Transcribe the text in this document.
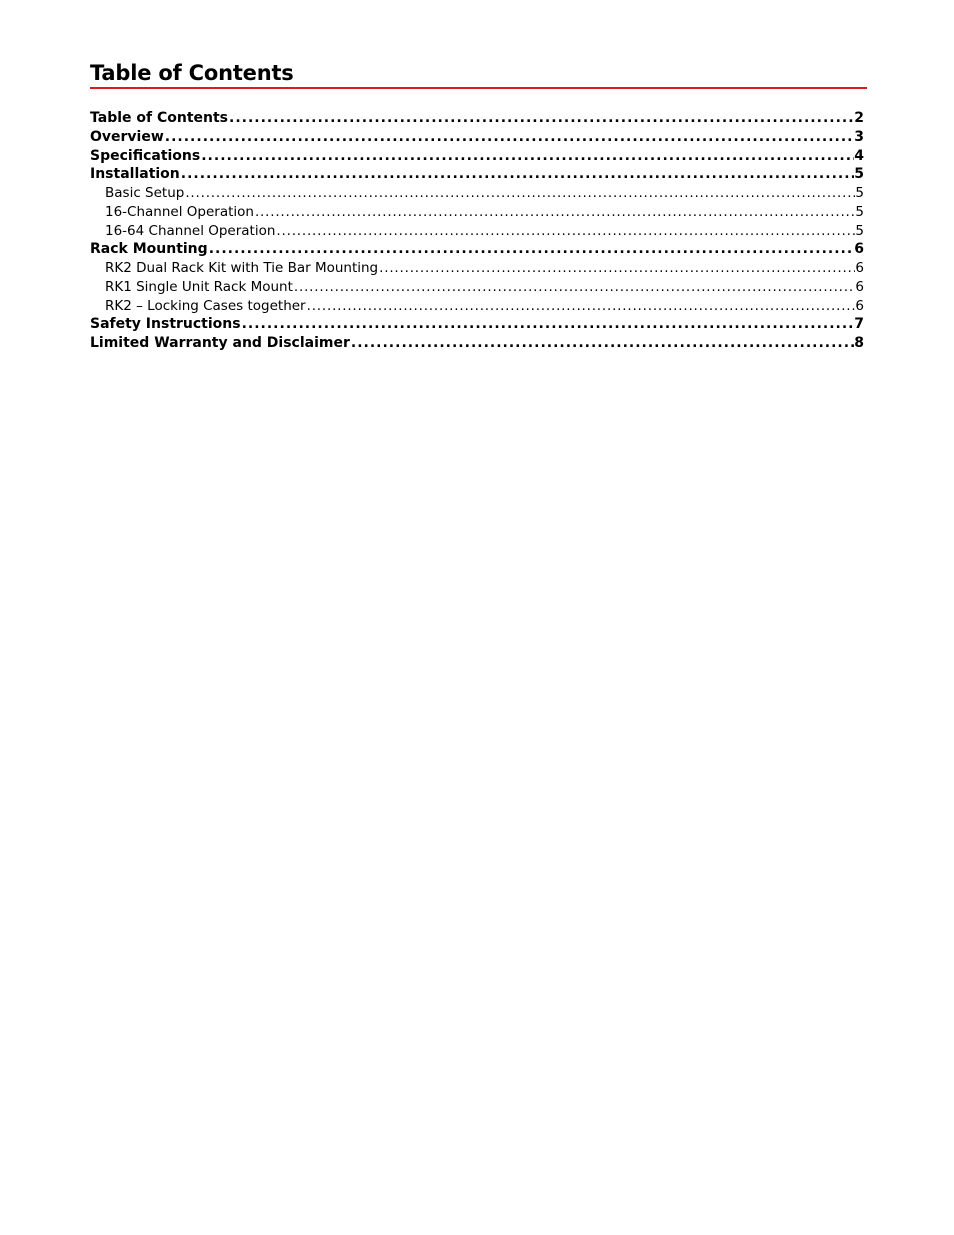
Table of Contents
Table of Contents .....	2
Overview .....	3
Specifications .....	4
Installation .....	5
Basic Setup .....	5
16-Channel Operation .....	5
16-64 Channel Operation .....	5
Rack Mounting .....	6
RK2 Dual Rack Kit with Tie Bar Mounting .....	6
RK1 Single Unit Rack Mount .....	6
RK2 – Locking Cases together .....	6
Safety Instructions .....	7
Limited Warranty and Disclaimer .....	8
